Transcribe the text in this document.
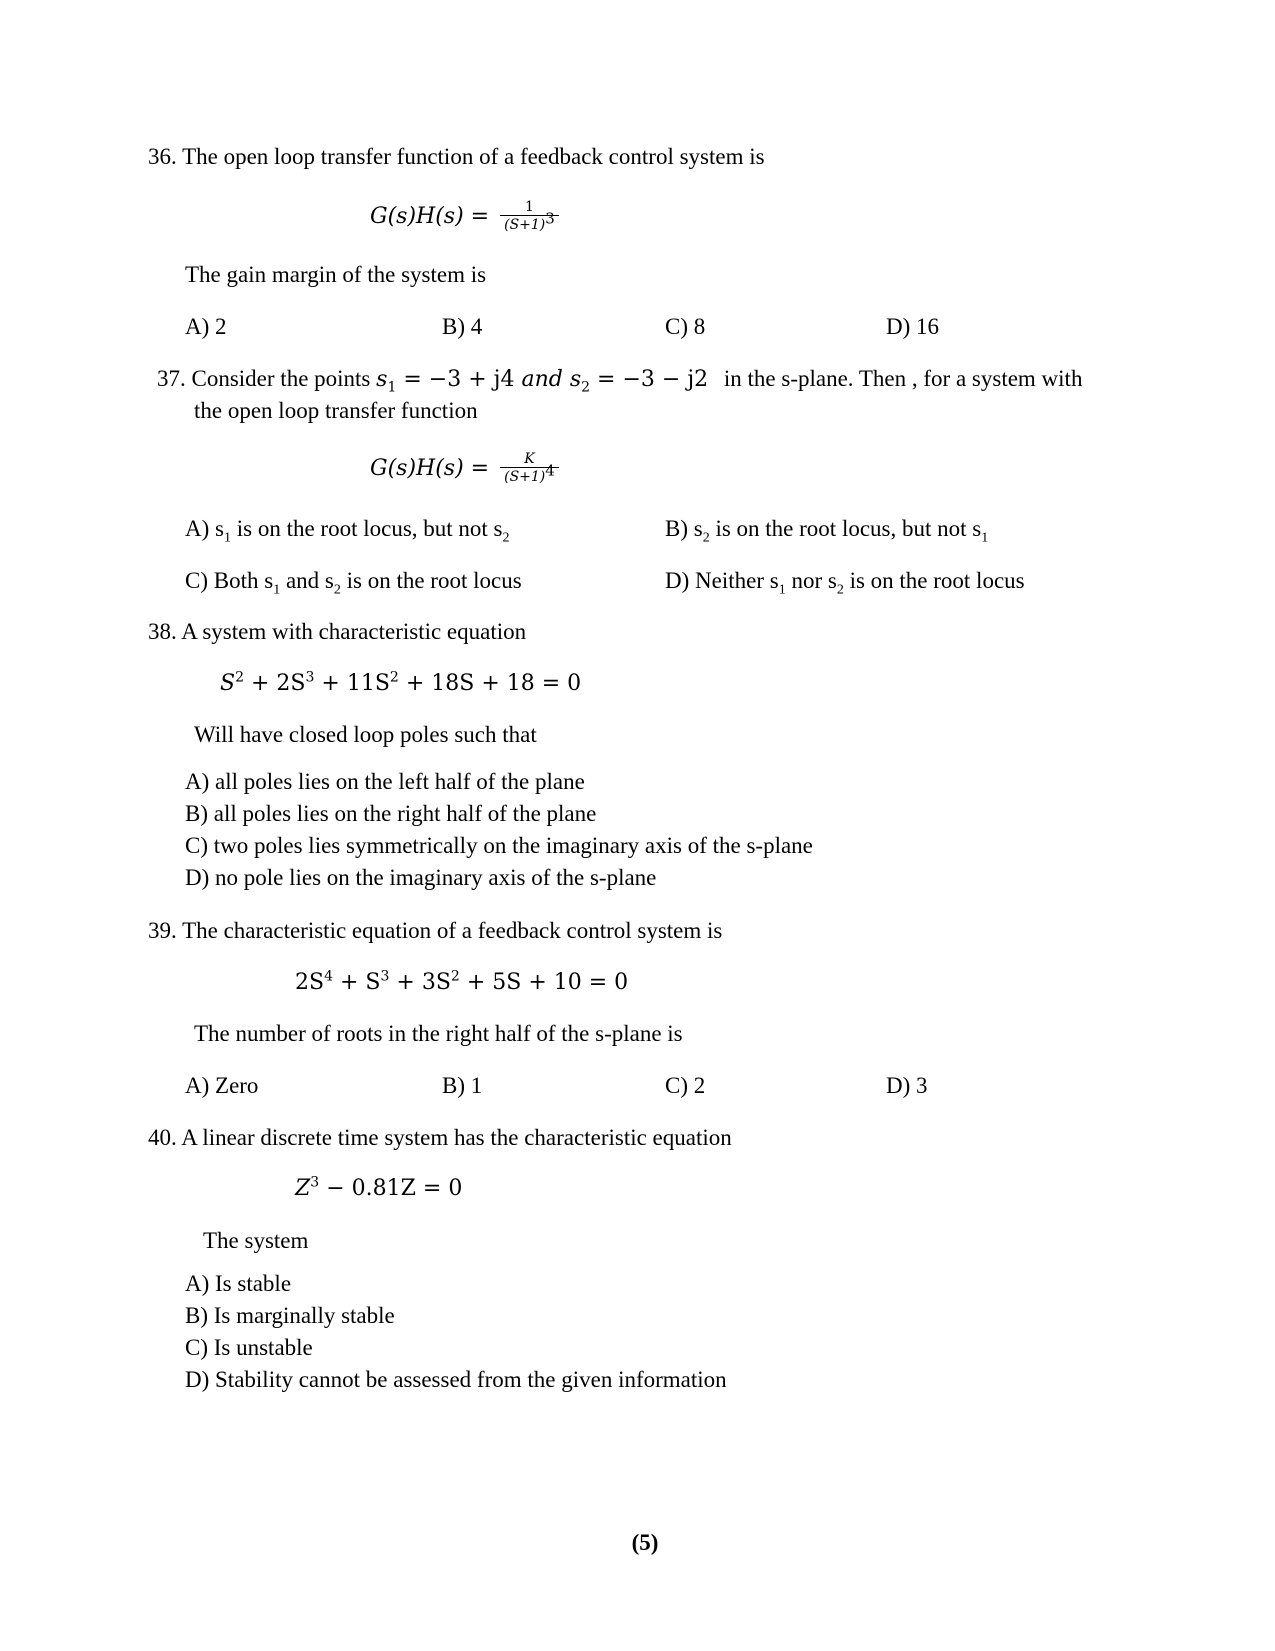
36. The open loop transfer function of a feedback control system is
$G(s)H(s) = \frac{1}{(S+1)^3}$
The gain margin of the system is
A) 2	B) 4	C) 8	D) 16
37. Consider the points $s_1 = -3 + j4$ and $s_2 = -3 - j2$ in the s-plane. Then , for a system with
the open loop transfer function
$G(s)H(s) = \frac{K}{(S+1)^4}$
A) $s_1$ is on the root locus, but not $s_2$	B) $s_2$ is on the root locus, but not $s_1$
C) Both $s_1$ and $s_2$ is on the root locus	D) Neither $s_1$ nor $s_2$ is on the root locus
38. A system with characteristic equation
$S^2 + 2S^3 + 11S^2 + 18S + 18 = 0$
Will have closed loop poles such that
A) all poles lies on the left half of the plane
B) all poles lies on the right half of the plane
C) two poles lies symmetrically on the imaginary axis of the s-plane
D) no pole lies on the imaginary axis of the s-plane
39. The characteristic equation of a feedback control system is
$2S^4 + S^3 + 3S^2 + 5S + 10 = 0$
The number of roots in the right half of the s-plane is
A) Zero	B) 1	C) 2	D) 3
40. A linear discrete time system has the characteristic equation
$Z^3 - 0.81Z = 0$
The system
A) Is stable
B) Is marginally stable
C) Is unstable
D) Stability cannot be assessed from the given information
(5)
